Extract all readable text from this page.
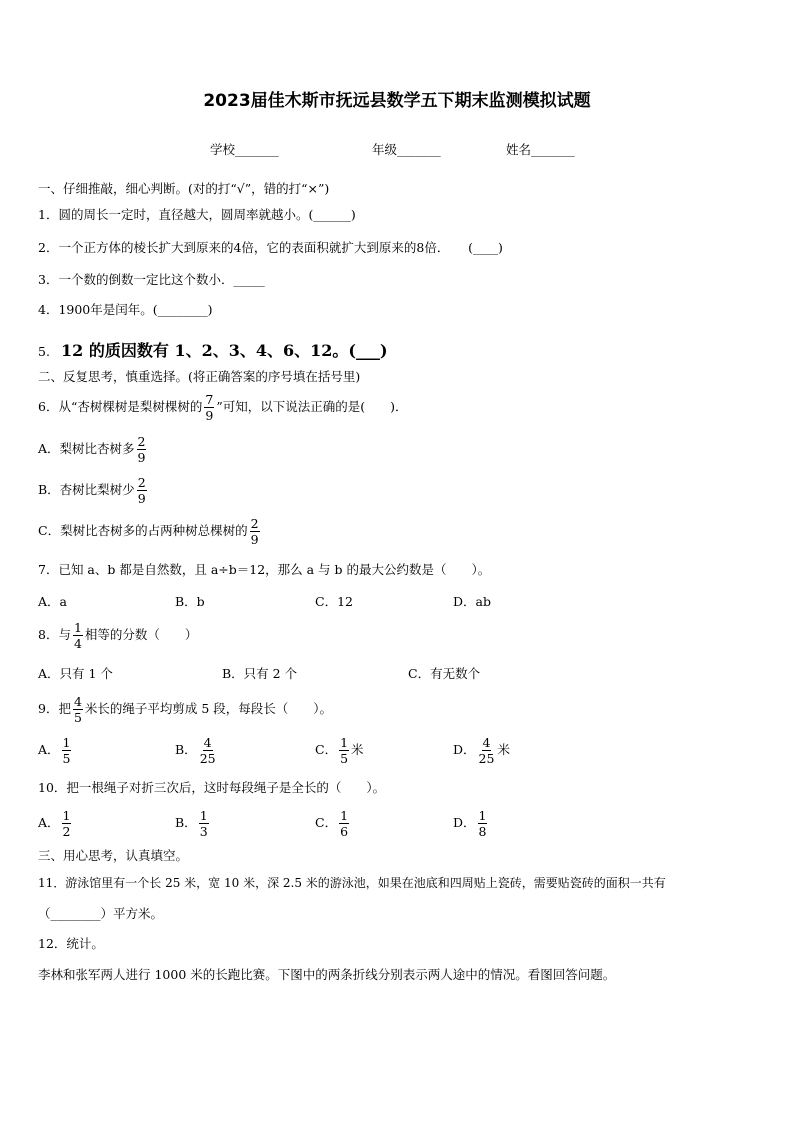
2023届佳木斯市抚远县数学五下期末监测模拟试题
学校_______	年级_______	姓名_______
一、仔细推敲，细心判断。(对的打“√”，错的打“×”)
1．圆的周长一定时，直径越大，圆周率就越小。(______)
2．一个正方体的棱长扩大到原来的4倍，它的表面积就扩大到原来的8倍．　　(____)
3．一个数的倒数一定比这个数小．_____
4．1900年是闰年。(________)
5. 12 的质因数有 1、2、3、4、6、12。(___)
二、反复思考，慎重选择。(将正确答案的序号填在括号里)
6．从“杏树棵树是梨树棵树的 $\frac{7}{9}$ ”可知，以下说法正确的是(　　)．
A．梨树比杏树多 $\frac{2}{9}$
B．杏树比梨树少 $\frac{2}{9}$
C．梨树比杏树多的占两种树总棵树的 $\frac{2}{9}$
7．已知 a、b 都是自然数，且 a÷b＝12，那么 a 与 b 的最大公约数是（　　）。
A．a	B．b	C．12	D．ab
8．与 $\frac{1}{4}$ 相等的分数（　　）
A．只有 1 个	B．只有 2 个	C．有无数个
9．把 $\frac{4}{5}$ 米长的绳子平均剪成 5 段，每段长（　　）。
A． $\frac{1}{5}$	B． $\frac{4}{25}$	C． $\frac{1}{5}$ 米	D． $\frac{4}{25}$ 米
10．把一根绳子对折三次后，这时每段绳子是全长的（　　）。
A． $\frac{1}{2}$	B． $\frac{1}{3}$	C． $\frac{1}{6}$	D． $\frac{1}{8}$
三、用心思考，认真填空。
11．游泳馆里有一个长 25 米，宽 10 米，深 2.5 米的游泳池，如果在池底和四周贴上瓷砖，需要贴瓷砖的面积一共有
（________）平方米。
12．统计。
李林和张军两人进行 1000 米的长跑比赛。下图中的两条折线分别表示两人途中的情况。看图回答问题。
